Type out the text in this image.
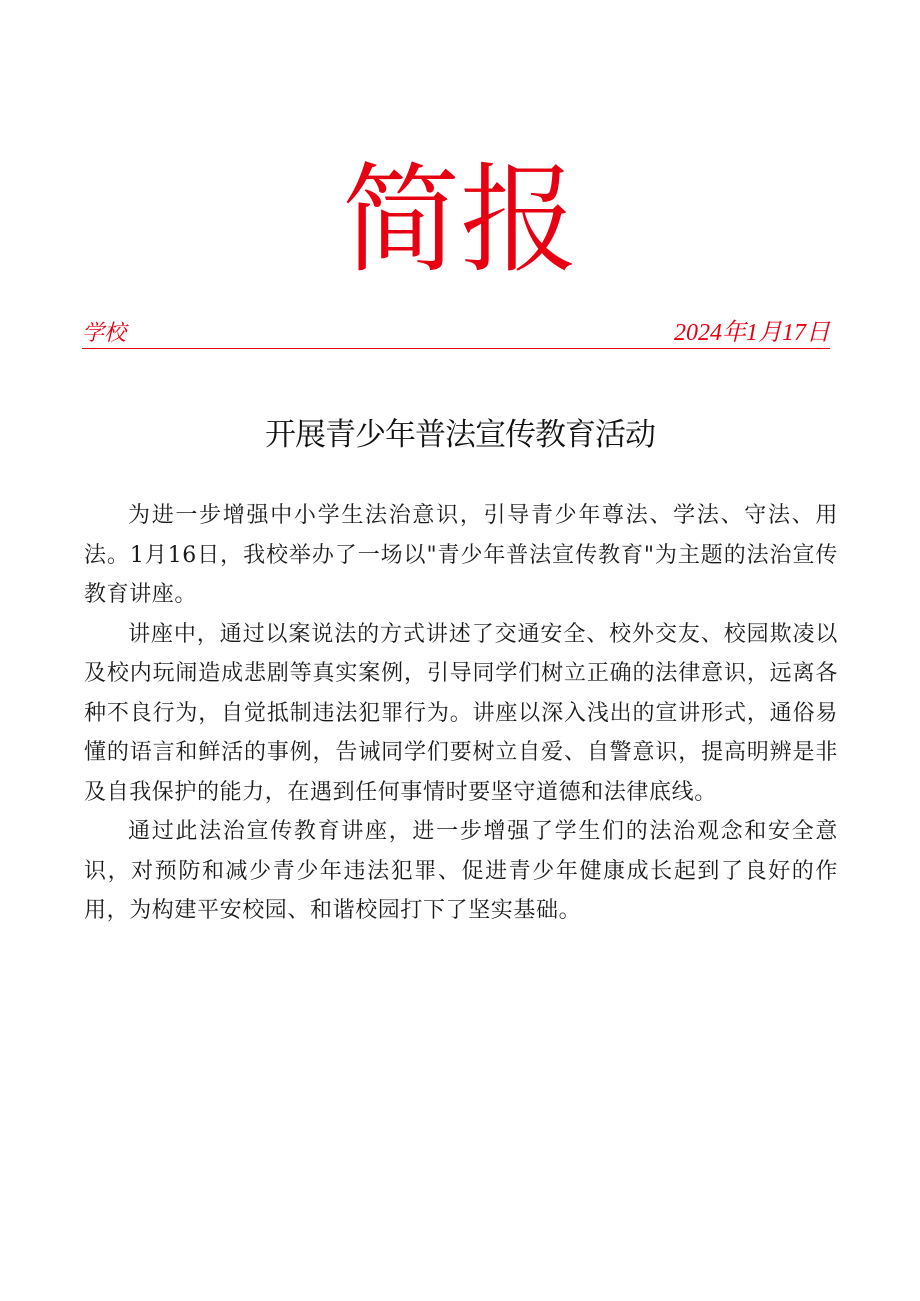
简报
学校	2024年1月17日
开展青少年普法宣传教育活动

为进一步增强中小学生法治意识，引导青少年尊法、学法、守法、用法。1月16日，我校举办了一场以"青少年普法宣传教育"为主题的法治宣传教育讲座。

讲座中，通过以案说法的方式讲述了交通安全、校外交友、校园欺凌以及校内玩闹造成悲剧等真实案例，引导同学们树立正确的法律意识，远离各种不良行为，自觉抵制违法犯罪行为。讲座以深入浅出的宣讲形式，通俗易懂的语言和鲜活的事例，告诫同学们要树立自爱、自警意识，提高明辨是非及自我保护的能力，在遇到任何事情时要坚守道德和法律底线。

通过此法治宣传教育讲座，进一步增强了学生们的法治观念和安全意识，对预防和减少青少年违法犯罪、促进青少年健康成长起到了良好的作用，为构建平安校园、和谐校园打下了坚实基础。
